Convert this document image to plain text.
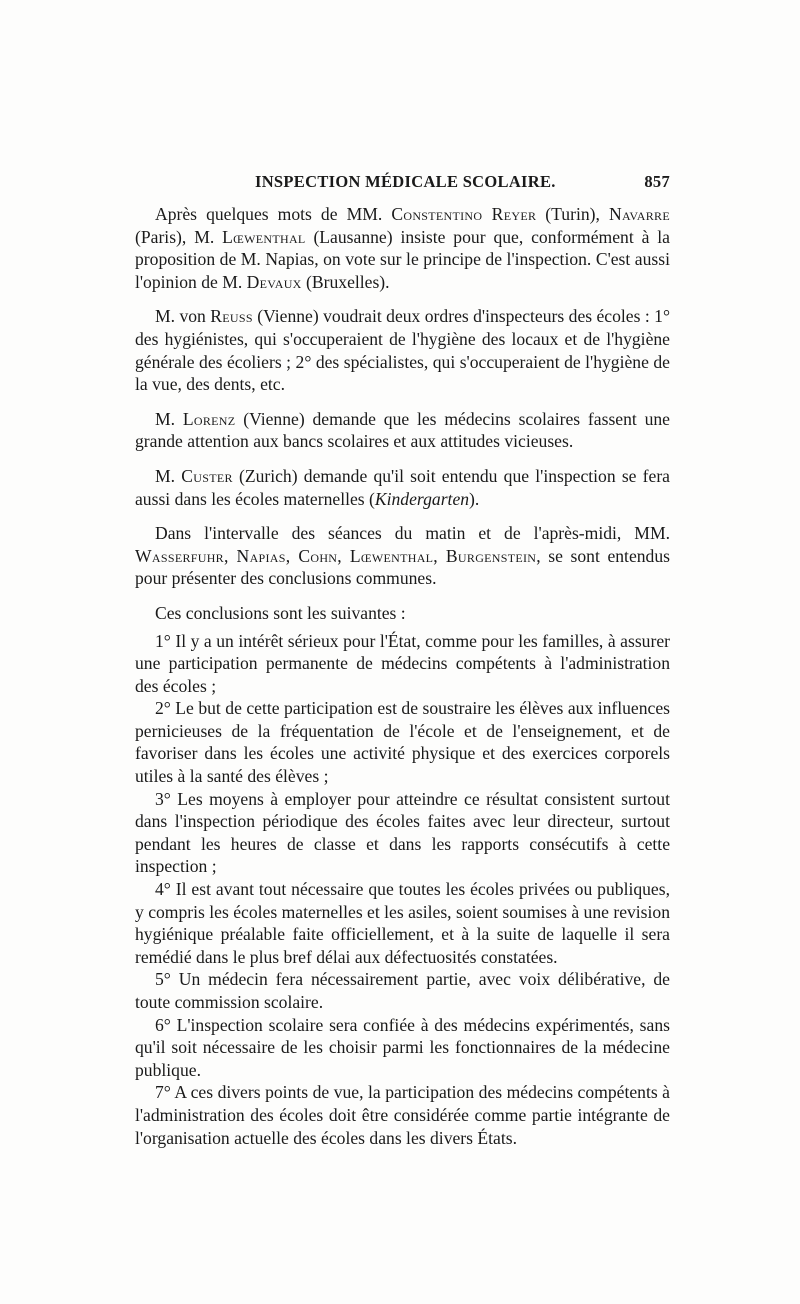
INSPECTION MÉDICALE SCOLAIRE.	857

Après quelques mots de MM. Constentino Reyer (Turin), Navarre (Paris), M. Lœwenthal (Lausanne) insiste pour que, conformément à la proposition de M. Napias, on vote sur le principe de l'inspection. C'est aussi l'opinion de M. Devaux (Bruxelles).

M. von Reuss (Vienne) voudrait deux ordres d'inspecteurs des écoles : 1° des hygiénistes, qui s'occuperaient de l'hygiène des locaux et de l'hygiène générale des écoliers ; 2° des spécialistes, qui s'occuperaient de l'hygiène de la vue, des dents, etc.

M. Lorenz (Vienne) demande que les médecins scolaires fassent une grande attention aux bancs scolaires et aux attitudes vicieuses.

M. Custer (Zurich) demande qu'il soit entendu que l'inspection se fera aussi dans les écoles maternelles (Kindergarten).

Dans l'intervalle des séances du matin et de l'après-midi, MM. Wasserfuhr, Napias, Cohn, Lœwenthal, Burgenstein, se sont entendus pour présenter des conclusions communes.

Ces conclusions sont les suivantes :

1° Il y a un intérêt sérieux pour l'État, comme pour les familles, à assurer une participation permanente de médecins compétents à l'administration des écoles ;

2° Le but de cette participation est de soustraire les élèves aux influences pernicieuses de la fréquentation de l'école et de l'enseignement, et de favoriser dans les écoles une activité physique et des exercices corporels utiles à la santé des élèves ;

3° Les moyens à employer pour atteindre ce résultat consistent surtout dans l'inspection périodique des écoles faites avec leur directeur, surtout pendant les heures de classe et dans les rapports consécutifs à cette inspection ;

4° Il est avant tout nécessaire que toutes les écoles privées ou publiques, y compris les écoles maternelles et les asiles, soient soumises à une revision hygiénique préalable faite officiellement, et à la suite de laquelle il sera remédié dans le plus bref délai aux défectuosités constatées.

5° Un médecin fera nécessairement partie, avec voix délibérative, de toute commission scolaire.

6° L'inspection scolaire sera confiée à des médecins expérimentés, sans qu'il soit nécessaire de les choisir parmi les fonctionnaires de la médecine publique.

7° A ces divers points de vue, la participation des médecins compétents à l'administration des écoles doit être considérée comme partie intégrante de l'organisation actuelle des écoles dans les divers États.
